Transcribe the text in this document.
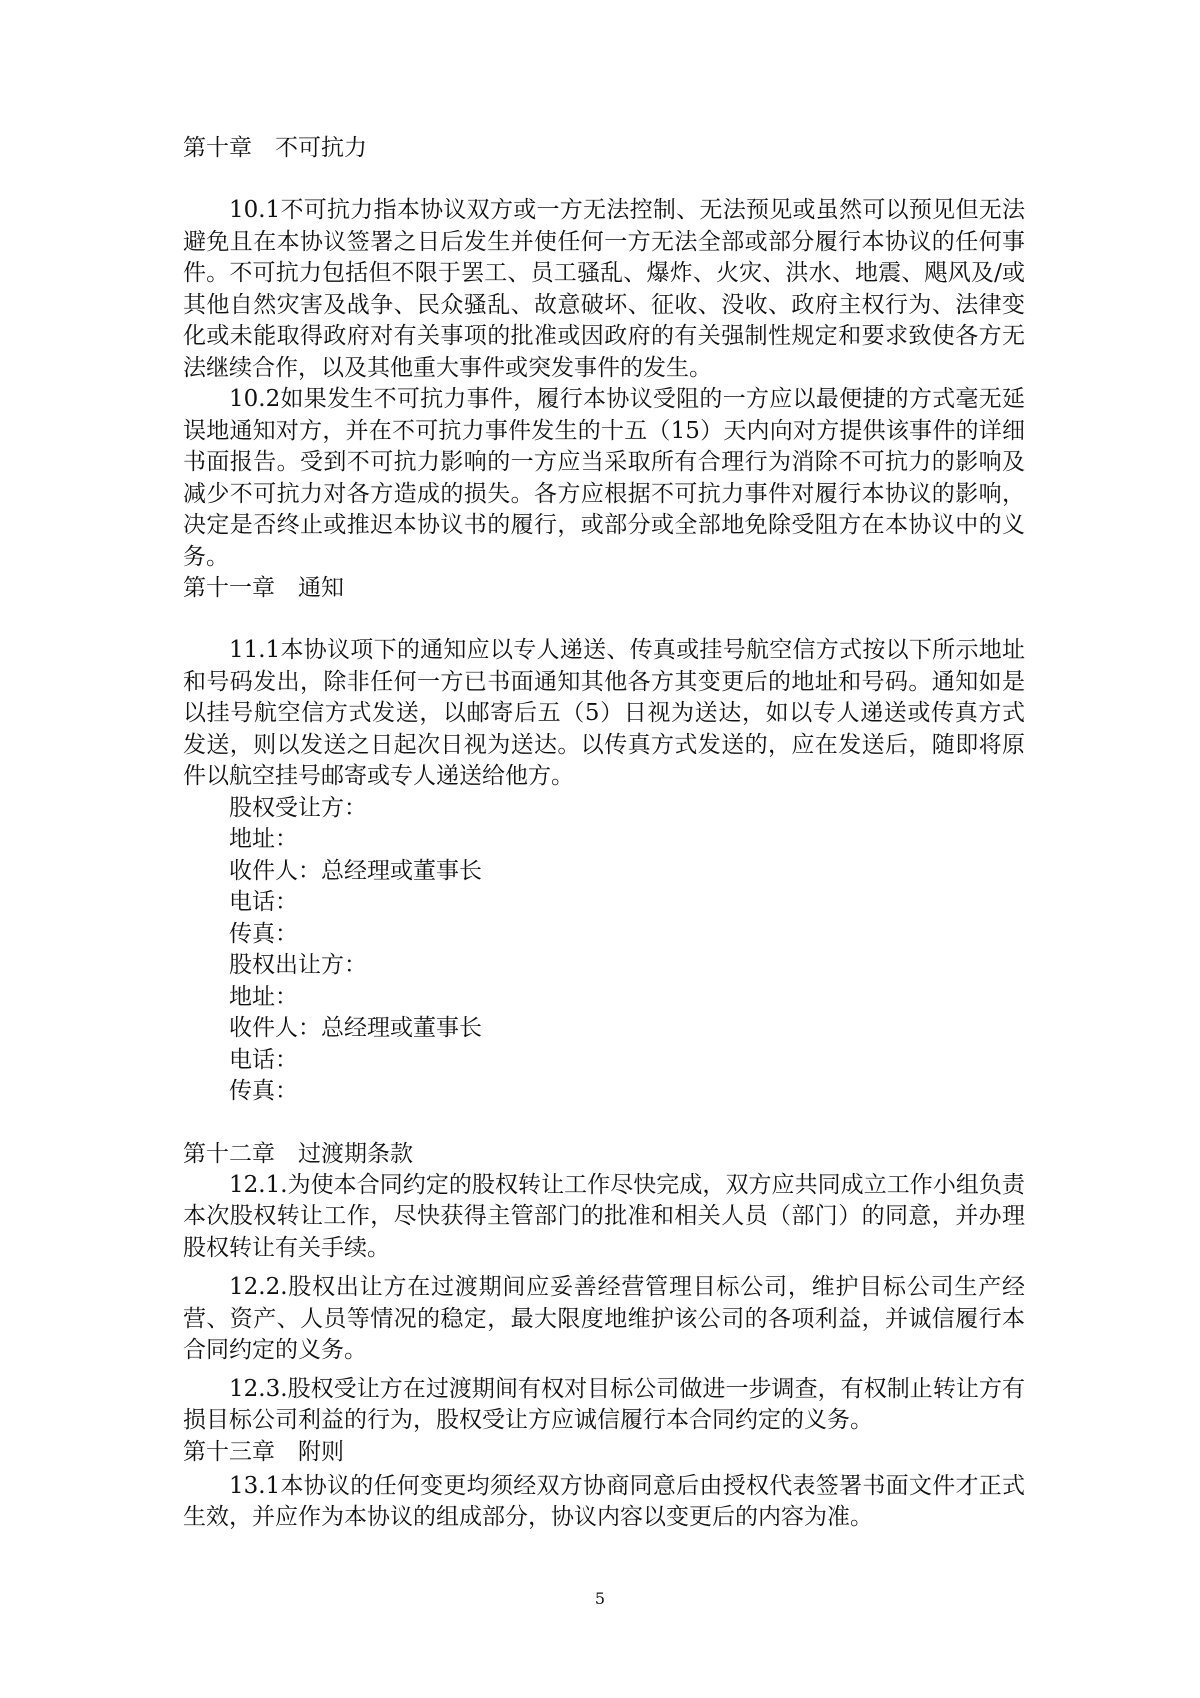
第十章　不可抗力
10.1不可抗力指本协议双方或一方无法控制、无法预见或虽然可以预见但无法避免且在本协议签署之日后发生并使任何一方无法全部或部分履行本协议的任何事件。不可抗力包括但不限于罢工、员工骚乱、爆炸、火灾、洪水、地震、飓风及/或其他自然灾害及战争、民众骚乱、故意破坏、征收、没收、政府主权行为、法律变化或未能取得政府对有关事项的批准或因政府的有关强制性规定和要求致使各方无法继续合作，以及其他重大事件或突发事件的发生。
10.2如果发生不可抗力事件，履行本协议受阻的一方应以最便捷的方式毫无延误地通知对方，并在不可抗力事件发生的十五（15）天内向对方提供该事件的详细书面报告。受到不可抗力影响的一方应当采取所有合理行为消除不可抗力的影响及减少不可抗力对各方造成的损失。各方应根据不可抗力事件对履行本协议的影响，决定是否终止或推迟本协议书的履行，或部分或全部地免除受阻方在本协议中的义务。
第十一章　通知
11.1本协议项下的通知应以专人递送、传真或挂号航空信方式按以下所示地址和号码发出，除非任何一方已书面通知其他各方其变更后的地址和号码。通知如是以挂号航空信方式发送，以邮寄后五（5）日视为送达，如以专人递送或传真方式发送，则以发送之日起次日视为送达。以传真方式发送的，应在发送后，随即将原件以航空挂号邮寄或专人递送给他方。
股权受让方：
地址：
收件人：总经理或董事长
电话：
传真：
股权出让方：
地址：
收件人：总经理或董事长
电话：
传真：
第十二章　过渡期条款
12.1.为使本合同约定的股权转让工作尽快完成，双方应共同成立工作小组负责本次股权转让工作，尽快获得主管部门的批准和相关人员（部门）的同意，并办理股权转让有关手续。
12.2.股权出让方在过渡期间应妥善经营管理目标公司，维护目标公司生产经营、资产、人员等情况的稳定，最大限度地维护该公司的各项利益，并诚信履行本合同约定的义务。
12.3.股权受让方在过渡期间有权对目标公司做进一步调查，有权制止转让方有损目标公司利益的行为，股权受让方应诚信履行本合同约定的义务。
第十三章　附则
13.1本协议的任何变更均须经双方协商同意后由授权代表签署书面文件才正式生效，并应作为本协议的组成部分，协议内容以变更后的内容为准。
5
